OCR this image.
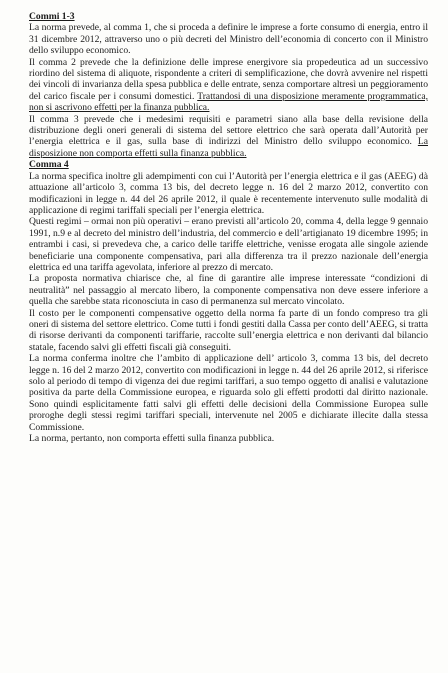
Commi 1-3

La norma prevede, al comma 1, che si proceda a definire le imprese a forte consumo di energia, entro il 31 dicembre 2012, attraverso uno o più decreti del Ministro dell’economia di concerto con il Ministro dello sviluppo economico.

Il comma 2 prevede che la definizione delle imprese energivore sia propedeutica ad un successivo riordino del sistema di aliquote, rispondente a criteri di semplificazione, che dovrà avvenire nel rispetti dei vincoli di invarianza della spesa pubblica e delle entrate, senza comportare altresì un peggioramento del carico fiscale per i consumi domestici. Trattandosi di una disposizione meramente programmatica, non si ascrivono effetti per la finanza pubblica.

Il comma 3 prevede che i medesimi requisiti e parametri siano alla base della revisione della distribuzione degli oneri generali di sistema del settore elettrico che sarà operata dall’Autorità per l’energia elettrica e il gas, sulla base di indirizzi del Ministro dello sviluppo economico. La disposizione non comporta effetti sulla finanza pubblica.

Comma 4

La norma specifica inoltre gli adempimenti con cui l’Autorità per l’energia elettrica e il gas (AEEG) dà attuazione all’articolo 3, comma 13 bis, del decreto legge n. 16 del 2 marzo 2012, convertito con modificazioni in legge n. 44 del 26 aprile 2012, il quale è recentemente intervenuto sulle modalità di applicazione di regimi tariffali speciali per l’energia elettrica.

Questi regimi – ormai non più operativi – erano previsti all’articolo 20, comma 4, della legge 9 gennaio 1991, n.9 e al decreto del ministro dell’industria, del commercio e dell’artigianato 19 dicembre 1995; in entrambi i casi, si prevedeva che, a carico delle tariffe elettriche, venisse erogata alle singole aziende beneficiarie una componente compensativa, pari alla differenza tra il prezzo nazionale dell’energia elettrica ed una tariffa agevolata, inferiore al prezzo di mercato.

La proposta normativa chiarisce che, al fine di garantire alle imprese interessate “condizioni di neutralità” nel passaggio al mercato libero, la componente compensativa non deve essere inferiore a quella che sarebbe stata riconosciuta in caso di permanenza sul mercato vincolato.

Il costo per le componenti compensative oggetto della norma fa parte di un fondo compreso tra gli oneri di sistema del settore elettrico. Come tutti i fondi gestiti dalla Cassa per conto dell’AEEG, si tratta di risorse derivanti da componenti tariffarie, raccolte sull’energia elettrica e non derivanti dal bilancio statale, facendo salvi gli effetti fiscali già conseguiti.

La norma conferma inoltre che l’ambito di applicazione dell’ articolo 3, comma 13 bis, del decreto legge n. 16 del 2 marzo 2012, convertito con modificazioni in legge n. 44 del 26 aprile 2012, si riferisce solo al periodo di tempo di vigenza dei due regimi tariffari, a suo tempo oggetto di analisi e valutazione positiva da parte della Commissione europea, e riguarda solo gli effetti prodotti dal diritto nazionale. Sono quindi esplicitamente fatti salvi gli effetti delle decisioni della Commissione Europea sulle proroghe degli stessi regimi tariffari speciali, intervenute nel 2005 e dichiarate illecite dalla stessa Commissione.

La norma, pertanto, non comporta effetti sulla finanza pubblica.
